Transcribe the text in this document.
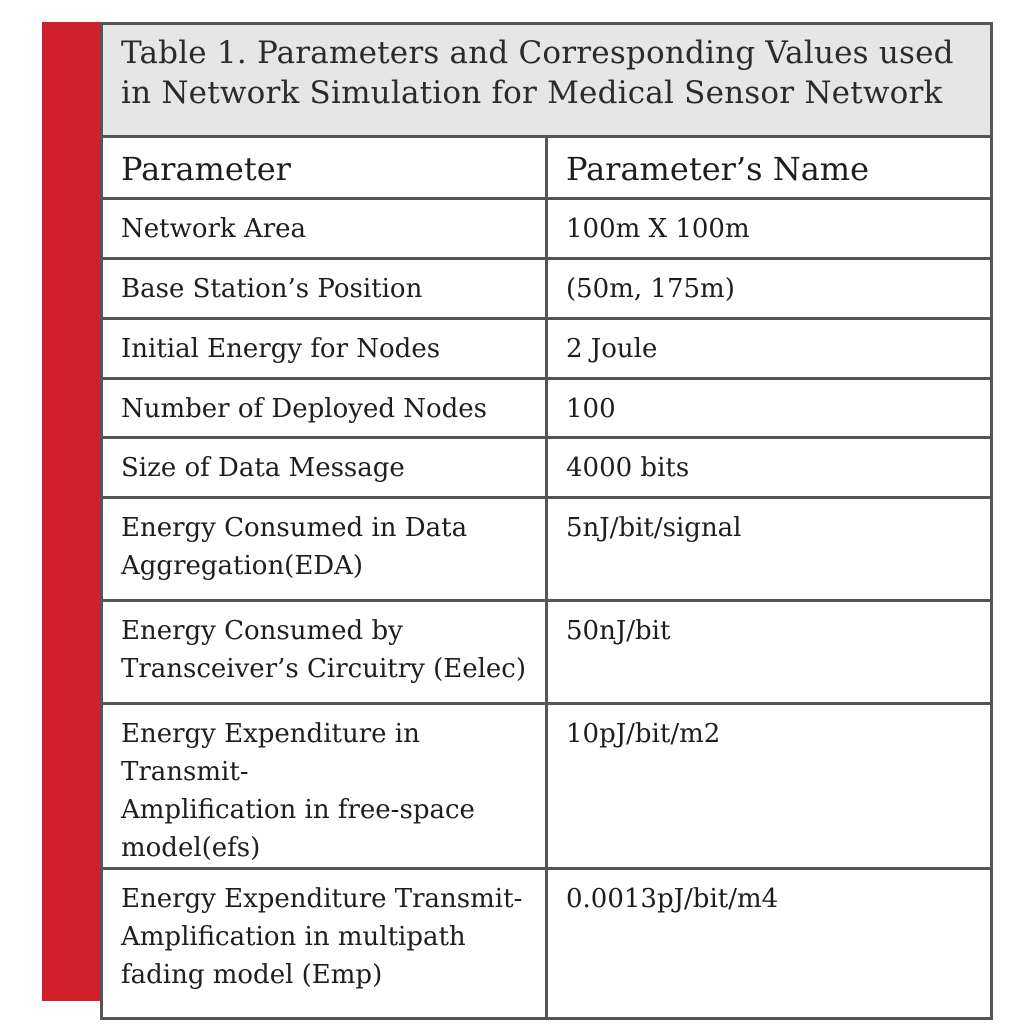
Table 1. Parameters and Corresponding Values used
in Network Simulation for Medical Sensor Network	

Parameter	Parameter’s Name

Network Area	100m X 100m

Base Station’s Position	(50m, 175m)

Initial Energy for Nodes	2 Joule

Number of Deployed Nodes	100

Size of Data Message	4000 bits

Energy Consumed in Data
Aggregation(EDA)	5nJ/bit/signal

Energy Consumed by
Transceiver’s Circuitry (Eelec)	50nJ/bit

Energy Expenditure in Transmit-
Amplification in free-space
model(efs)	10pJ/bit/m2

Energy Expenditure Transmit-
Amplification in multipath
fading model (Emp)	0.0013pJ/bit/m4
